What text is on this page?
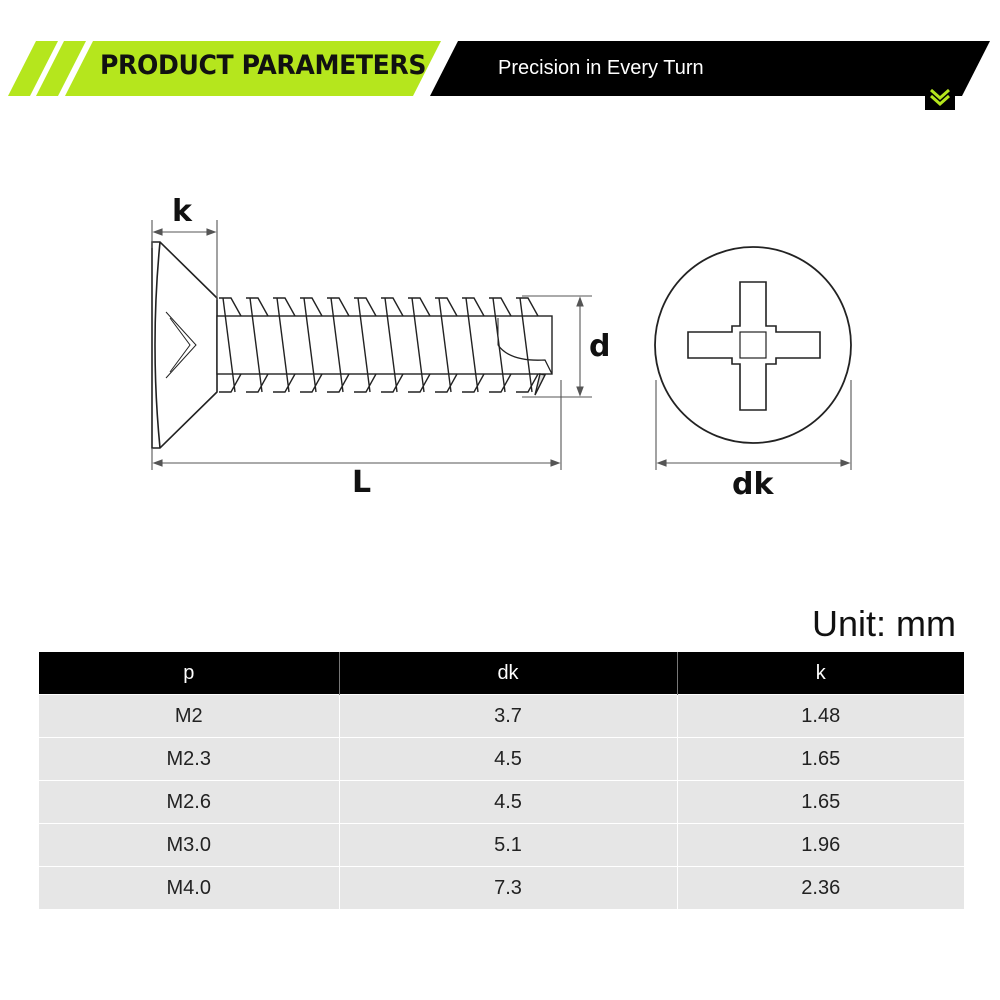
PRODUCT PARAMETERS	Precision in Every Turn
k
d
L	dk
Unit: mm
p	dk	k
M2	3.7	1.48
M2.3	4.5	1.65
M2.6	4.5	1.65
M3.0	5.1	1.96
M4.0	7.3	2.36
